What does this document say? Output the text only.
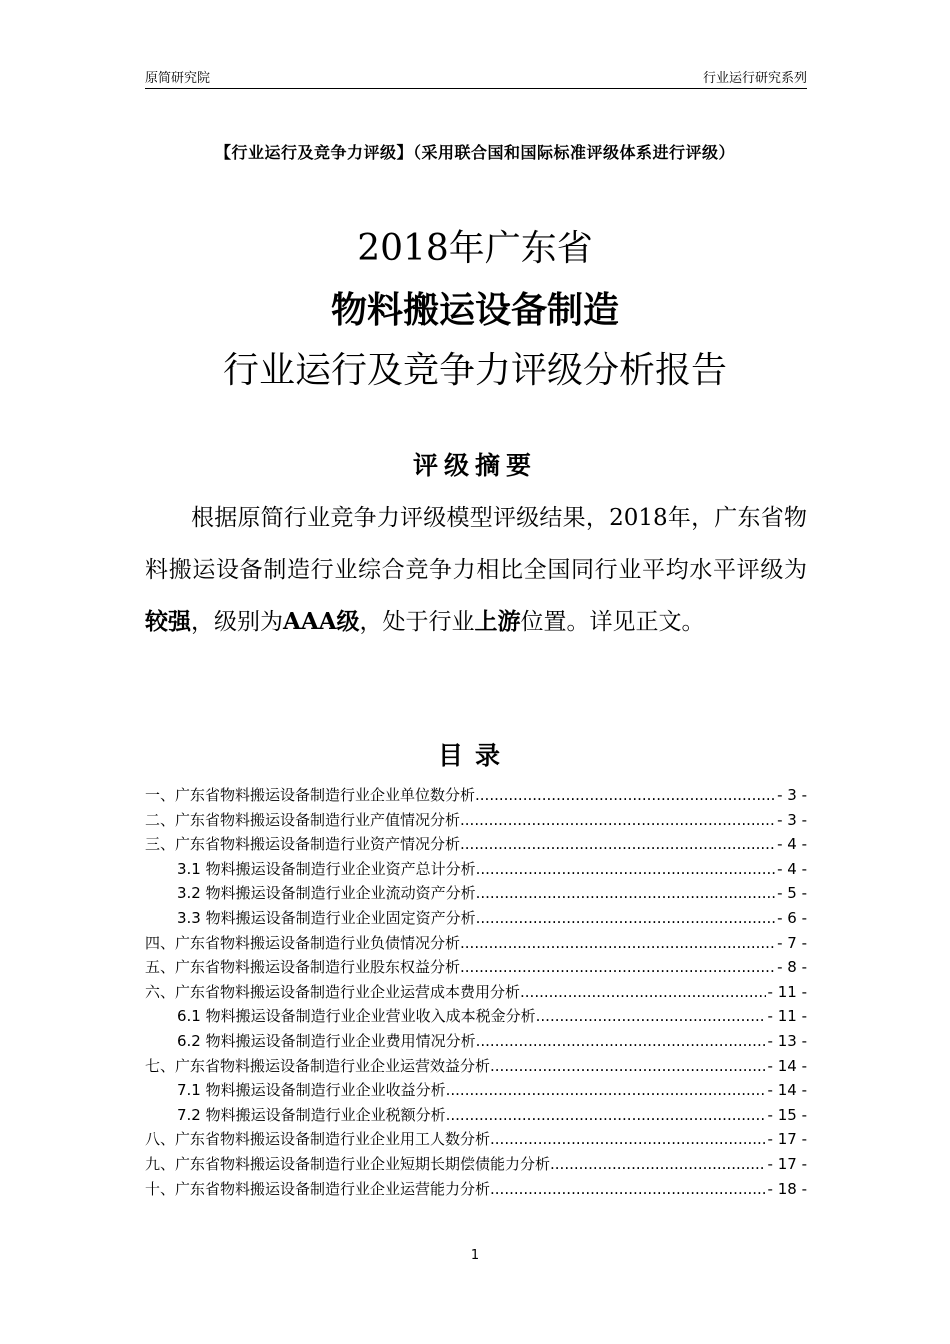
原简研究院	行业运行研究系列
【行业运行及竞争力评级】（采用联合国和国际标准评级体系进行评级）
2018年广东省
物料搬运设备制造
行业运行及竞争力评级分析报告
评级摘要

根据原简行业竞争力评级模型评级结果，2018年，广东省物料搬运设备制造行业综合竞争力相比全国同行业平均水平评级为较强，级别为AAA级，处于行业上游位置。详见正文。

目录
一、广东省物料搬运设备制造行业企业单位数分析 .....	- 3 -
二、广东省物料搬运设备制造行业产值情况分析 .....	- 3 -
三、广东省物料搬运设备制造行业资产情况分析 .....	- 4 -
3.1 物料搬运设备制造行业企业资产总计分析 .....	- 4 -
3.2 物料搬运设备制造行业企业流动资产分析 .....	- 5 -
3.3 物料搬运设备制造行业企业固定资产分析 .....	- 6 -
四、广东省物料搬运设备制造行业负债情况分析 .....	- 7 -
五、广东省物料搬运设备制造行业股东权益分析 .....	- 8 -
六、广东省物料搬运设备制造行业企业运营成本费用分析 .....	- 11 -
6.1 物料搬运设备制造行业企业营业收入成本税金分析 .....	- 11 -
6.2 物料搬运设备制造行业企业费用情况分析 .....	- 13 -
七、广东省物料搬运设备制造行业企业运营效益分析 .....	- 14 -
7.1 物料搬运设备制造行业企业收益分析 .....	- 14 -
7.2 物料搬运设备制造行业企业税额分析 .....	- 15 -
八、广东省物料搬运设备制造行业企业用工人数分析 .....	- 17 -
九、广东省物料搬运设备制造行业企业短期长期偿债能力分析 .....	- 17 -
十、广东省物料搬运设备制造行业企业运营能力分析 .....	- 18 -
1
